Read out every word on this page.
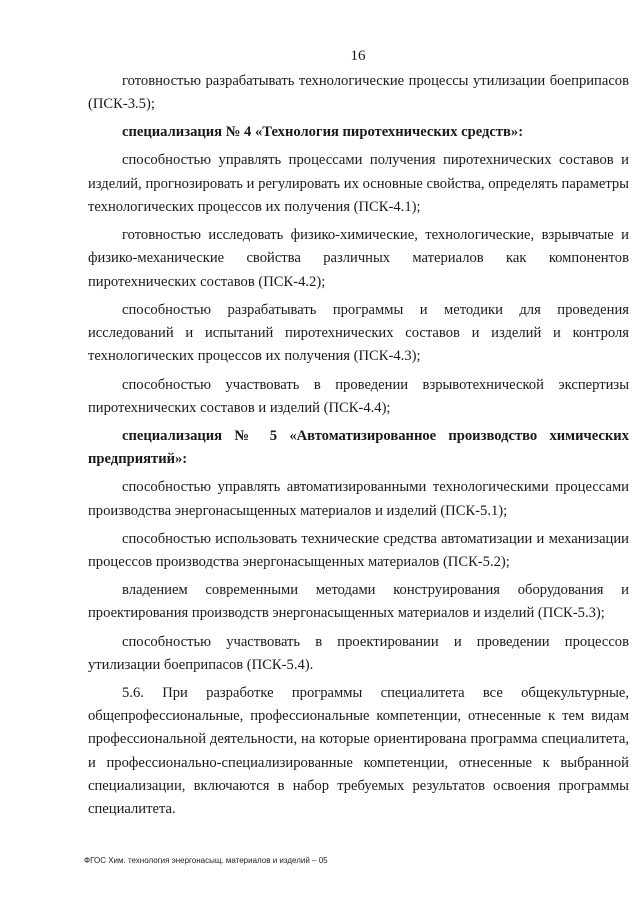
16

готовностью разрабатывать технологические процессы утилизации боеприпасов (ПСК-3.5);

специализация № 4 «Технология пиротехнических средств»:

способностью управлять процессами получения пиротехнических составов и изделий, прогнозировать и регулировать их основные свойства, определять параметры технологических процессов их получения (ПСК-4.1);

готовностью исследовать физико-химические, технологические, взрывчатые и физико-механические свойства различных материалов как компонентов пиротехнических составов (ПСК-4.2);

способностью разрабатывать программы и методики для проведения исследований и испытаний пиротехнических составов и изделий и контроля технологических процессов их получения (ПСК-4.3);

способностью участвовать в проведении взрывотехнической экспертизы пиротехнических составов и изделий (ПСК-4.4);

специализация № 5 «Автоматизированное производство химических предприятий»:

способностью управлять автоматизированными технологическими процессами производства энергонасыщенных материалов и изделий (ПСК-5.1);

способностью использовать технические средства автоматизации и механизации процессов производства энергонасыщенных материалов (ПСК-5.2);

владением современными методами конструирования оборудования и проектирования производств энергонасыщенных материалов и изделий (ПСК-5.3);

способностью участвовать в проектировании и проведении процессов утилизации боеприпасов (ПСК-5.4).

5.6. При разработке программы специалитета все общекультурные, общепрофессиональные, профессиональные компетенции, отнесенные к тем видам профессиональной деятельности, на которые ориентирована программа специалитета, и профессионально-специализированные компетенции, отнесенные к выбранной специализации, включаются в набор требуемых результатов освоения программы специалитета.

ФГОС Хим. технология энергонасыщ. материалов и изделий – 05
